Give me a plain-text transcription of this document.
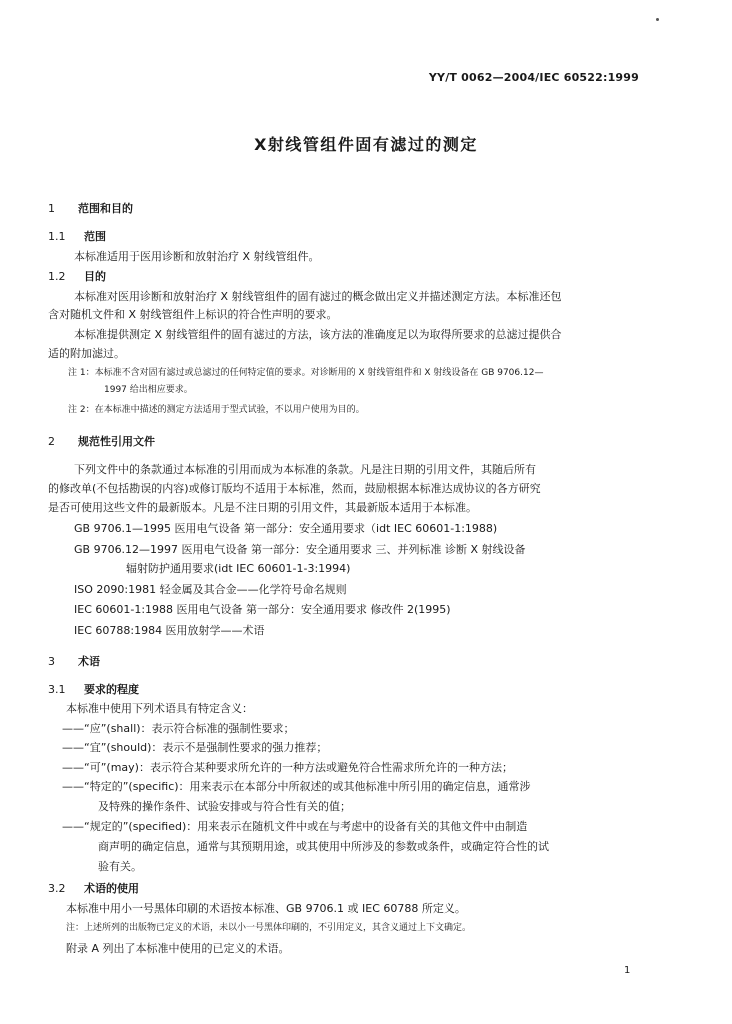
YY/T 0062—2004/IEC 60522:1999
X射线管组件固有滤过的测定
1 范围和目的
1.1 范围
本标准适用于医用诊断和放射治疗 X 射线管组件。
1.2 目的
本标准对医用诊断和放射治疗 X 射线管组件的固有滤过的概念做出定义并描述测定方法。本标准还包
含对随机文件和 X 射线管组件上标识的符合性声明的要求。
本标准提供测定 X 射线管组件的固有滤过的方法，该方法的准确度足以为取得所要求的总滤过提供合
适的附加滤过。
注 1：本标准不含对固有滤过或总滤过的任何特定值的要求。对诊断用的 X 射线管组件和 X 射线设备在 GB 9706.12—
1997 给出相应要求。
注 2：在本标准中描述的测定方法适用于型式试验，不以用户使用为目的。
2 规范性引用文件
下列文件中的条款通过本标准的引用而成为本标准的条款。凡是注日期的引用文件，其随后所有
的修改单(不包括勘误的内容)或修订版均不适用于本标准，然而，鼓励根据本标准达成协议的各方研究
是否可使用这些文件的最新版本。凡是不注日期的引用文件，其最新版本适用于本标准。
GB 9706.1—1995 医用电气设备 第一部分：安全通用要求（idt IEC 60601-1:1988)
GB 9706.12—1997 医用电气设备 第一部分：安全通用要求 三、并列标准 诊断 X 射线设备
辐射防护通用要求(idt IEC 60601-1-3:1994)
ISO 2090:1981 轻金属及其合金——化学符号命名规则
IEC 60601-1:1988 医用电气设备 第一部分：安全通用要求 修改件 2(1995)
IEC 60788:1984 医用放射学——术语
3 术语
3.1 要求的程度
本标准中使用下列术语具有特定含义：
——“应”(shall)：表示符合标准的强制性要求；
——“宜”(should)：表示不是强制性要求的强力推荐；
——“可”(may)：表示符合某种要求所允许的一种方法或避免符合性需求所允许的一种方法；
——“特定的”(specific)：用来表示在本部分中所叙述的或其他标准中所引用的确定信息，通常涉
及特殊的操作条件、试验安排或与符合性有关的值；
——“规定的”(specified)：用来表示在随机文件中或在与考虑中的设备有关的其他文件中由制造
商声明的确定信息，通常与其预期用途，或其使用中所涉及的参数或条件，或确定符合性的试
验有关。
3.2 术语的使用
本标准中用小一号黑体印刷的术语按本标准、GB 9706.1 或 IEC 60788 所定义。
注：上述所列的出版物已定义的术语，未以小一号黑体印刷的，不引用定义，其含义通过上下文确定。
附录 A 列出了本标准中使用的已定义的术语。
1
